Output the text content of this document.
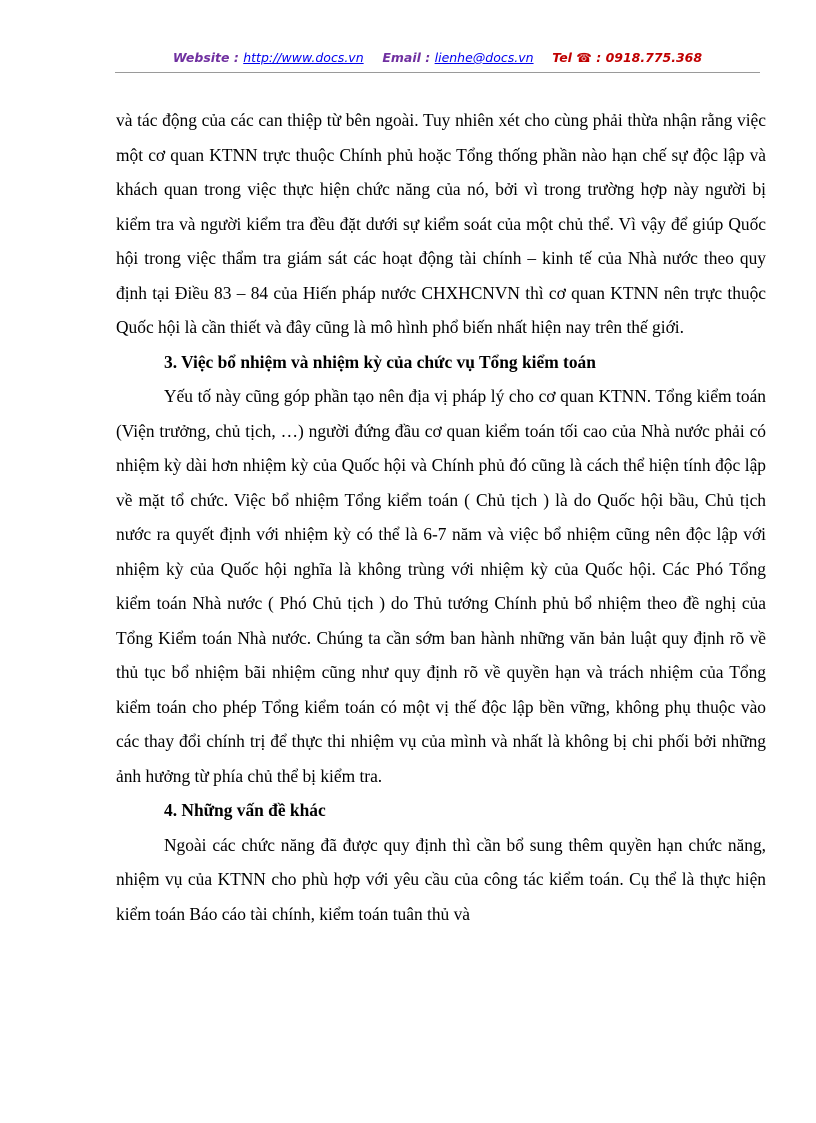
Website : http://www.docs.vn Email : lienhe@docs.vn Tel ☎ : 0918.775.368

và tác động của các can thiệp từ bên ngoài. Tuy nhiên xét cho cùng phải thừa nhận rằng việc một cơ quan KTNN trực thuộc Chính phủ hoặc Tổng thống phần nào hạn chế sự độc lập và khách quan trong việc thực hiện chức năng của nó, bởi vì trong trường hợp này người bị kiểm tra và người kiểm tra đều đặt dưới sự kiểm soát của một chủ thể. Vì vậy để giúp Quốc hội trong việc thẩm tra giám sát các hoạt động tài chính – kinh tế của Nhà nước theo quy định tại Điều 83 – 84 của Hiến pháp nước CHXHCNVN thì cơ quan KTNN nên trực thuộc Quốc hội là cần thiết và đây cũng là mô hình phổ biến nhất hiện nay trên thế giới.

3. Việc bổ nhiệm và nhiệm kỳ của chức vụ Tổng kiểm toán

Yếu tố này cũng góp phần tạo nên địa vị pháp lý cho cơ quan KTNN. Tổng kiểm toán (Viện trưởng, chủ tịch, …) người đứng đầu cơ quan kiểm toán tối cao của Nhà nước phải có nhiệm kỳ dài hơn nhiệm kỳ của Quốc hội và Chính phủ đó cũng là cách thể hiện tính độc lập về mặt tổ chức. Việc bổ nhiệm Tổng kiểm toán ( Chủ tịch ) là do Quốc hội bầu, Chủ tịch nước ra quyết định với nhiệm kỳ có thể là 6-7 năm và việc bổ nhiệm cũng nên độc lập với nhiệm kỳ của Quốc hội nghĩa là không trùng với nhiệm kỳ của Quốc hội. Các Phó Tổng kiểm toán Nhà nước ( Phó Chủ tịch ) do Thủ tướng Chính phủ bổ nhiệm theo đề nghị của Tổng Kiểm toán Nhà nước. Chúng ta cần sớm ban hành những văn bản luật quy định rõ về thủ tục bổ nhiệm bãi nhiệm cũng như quy định rõ về quyền hạn và trách nhiệm của Tổng kiểm toán cho phép Tổng kiểm toán có một vị thế độc lập bền vững, không phụ thuộc vào các thay đổi chính trị để thực thi nhiệm vụ của mình và nhất là không bị chi phối bởi những ảnh hưởng từ phía chủ thể bị kiểm tra.

4. Những vấn đề khác

Ngoài các chức năng đã được quy định thì cần bổ sung thêm quyền hạn chức năng, nhiệm vụ của KTNN cho phù hợp với yêu cầu của công tác kiểm toán. Cụ thể là thực hiện kiểm toán Báo cáo tài chính, kiểm toán tuân thủ và
